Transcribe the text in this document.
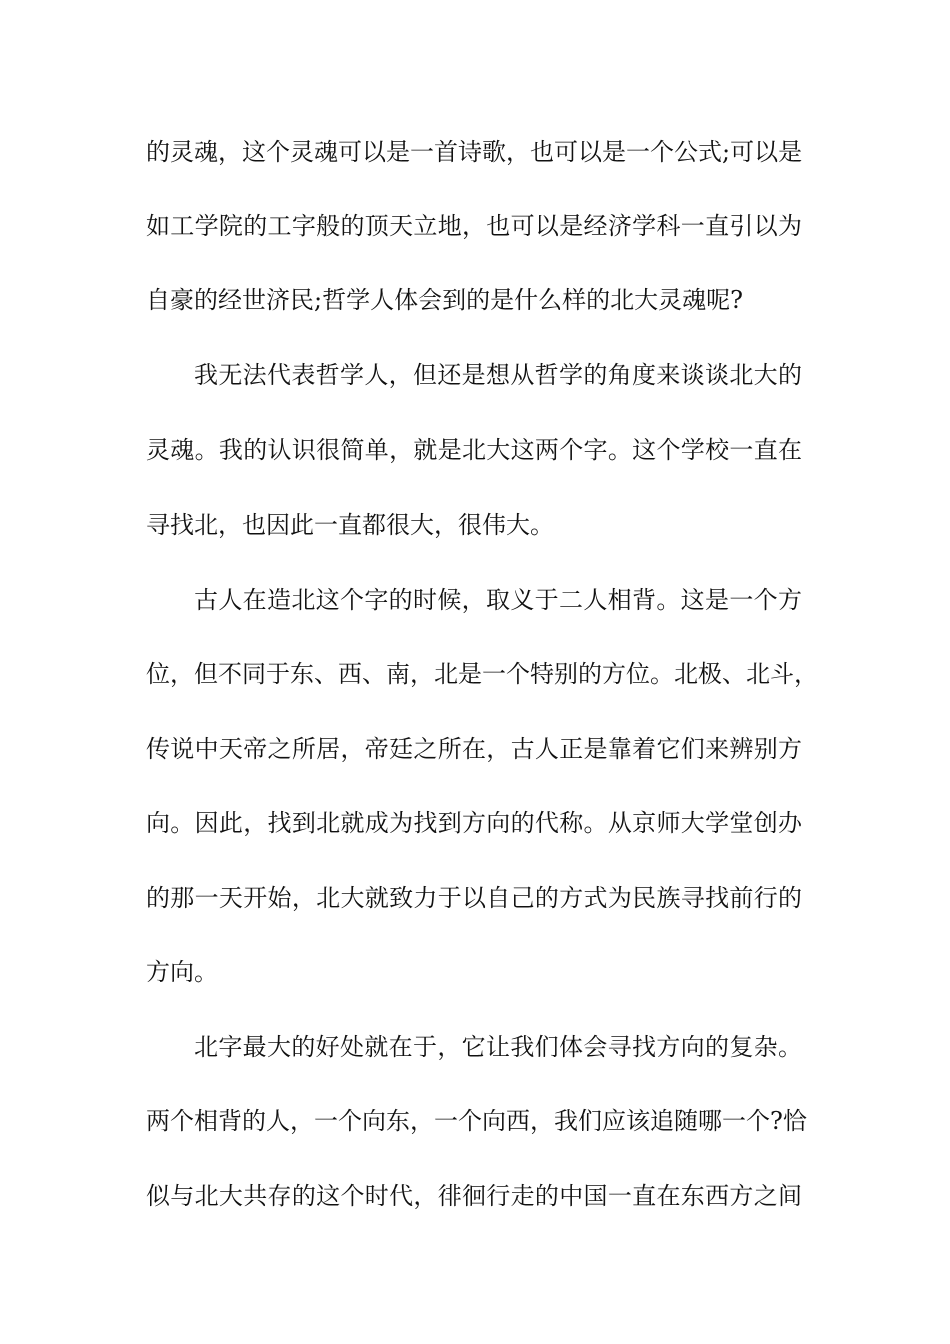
的灵魂，这个灵魂可以是一首诗歌，也可以是一个公式;可以是
如工学院的工字般的顶天立地，也可以是经济学科一直引以为
自豪的经世济民;哲学人体会到的是什么样的北大灵魂呢?
我无法代表哲学人，但还是想从哲学的角度来谈谈北大的
灵魂。我的认识很简单，就是北大这两个字。这个学校一直在
寻找北，也因此一直都很大，很伟大。
古人在造北这个字的时候，取义于二人相背。这是一个方
位，但不同于东、西、南，北是一个特别的方位。北极、北斗，
传说中天帝之所居，帝廷之所在，古人正是靠着它们来辨别方
向。因此，找到北就成为找到方向的代称。从京师大学堂创办
的那一天开始，北大就致力于以自己的方式为民族寻找前行的
方向。
北字最大的好处就在于，它让我们体会寻找方向的复杂。
两个相背的人，一个向东，一个向西，我们应该追随哪一个?恰
似与北大共存的这个时代，徘徊行走的中国一直在东西方之间
